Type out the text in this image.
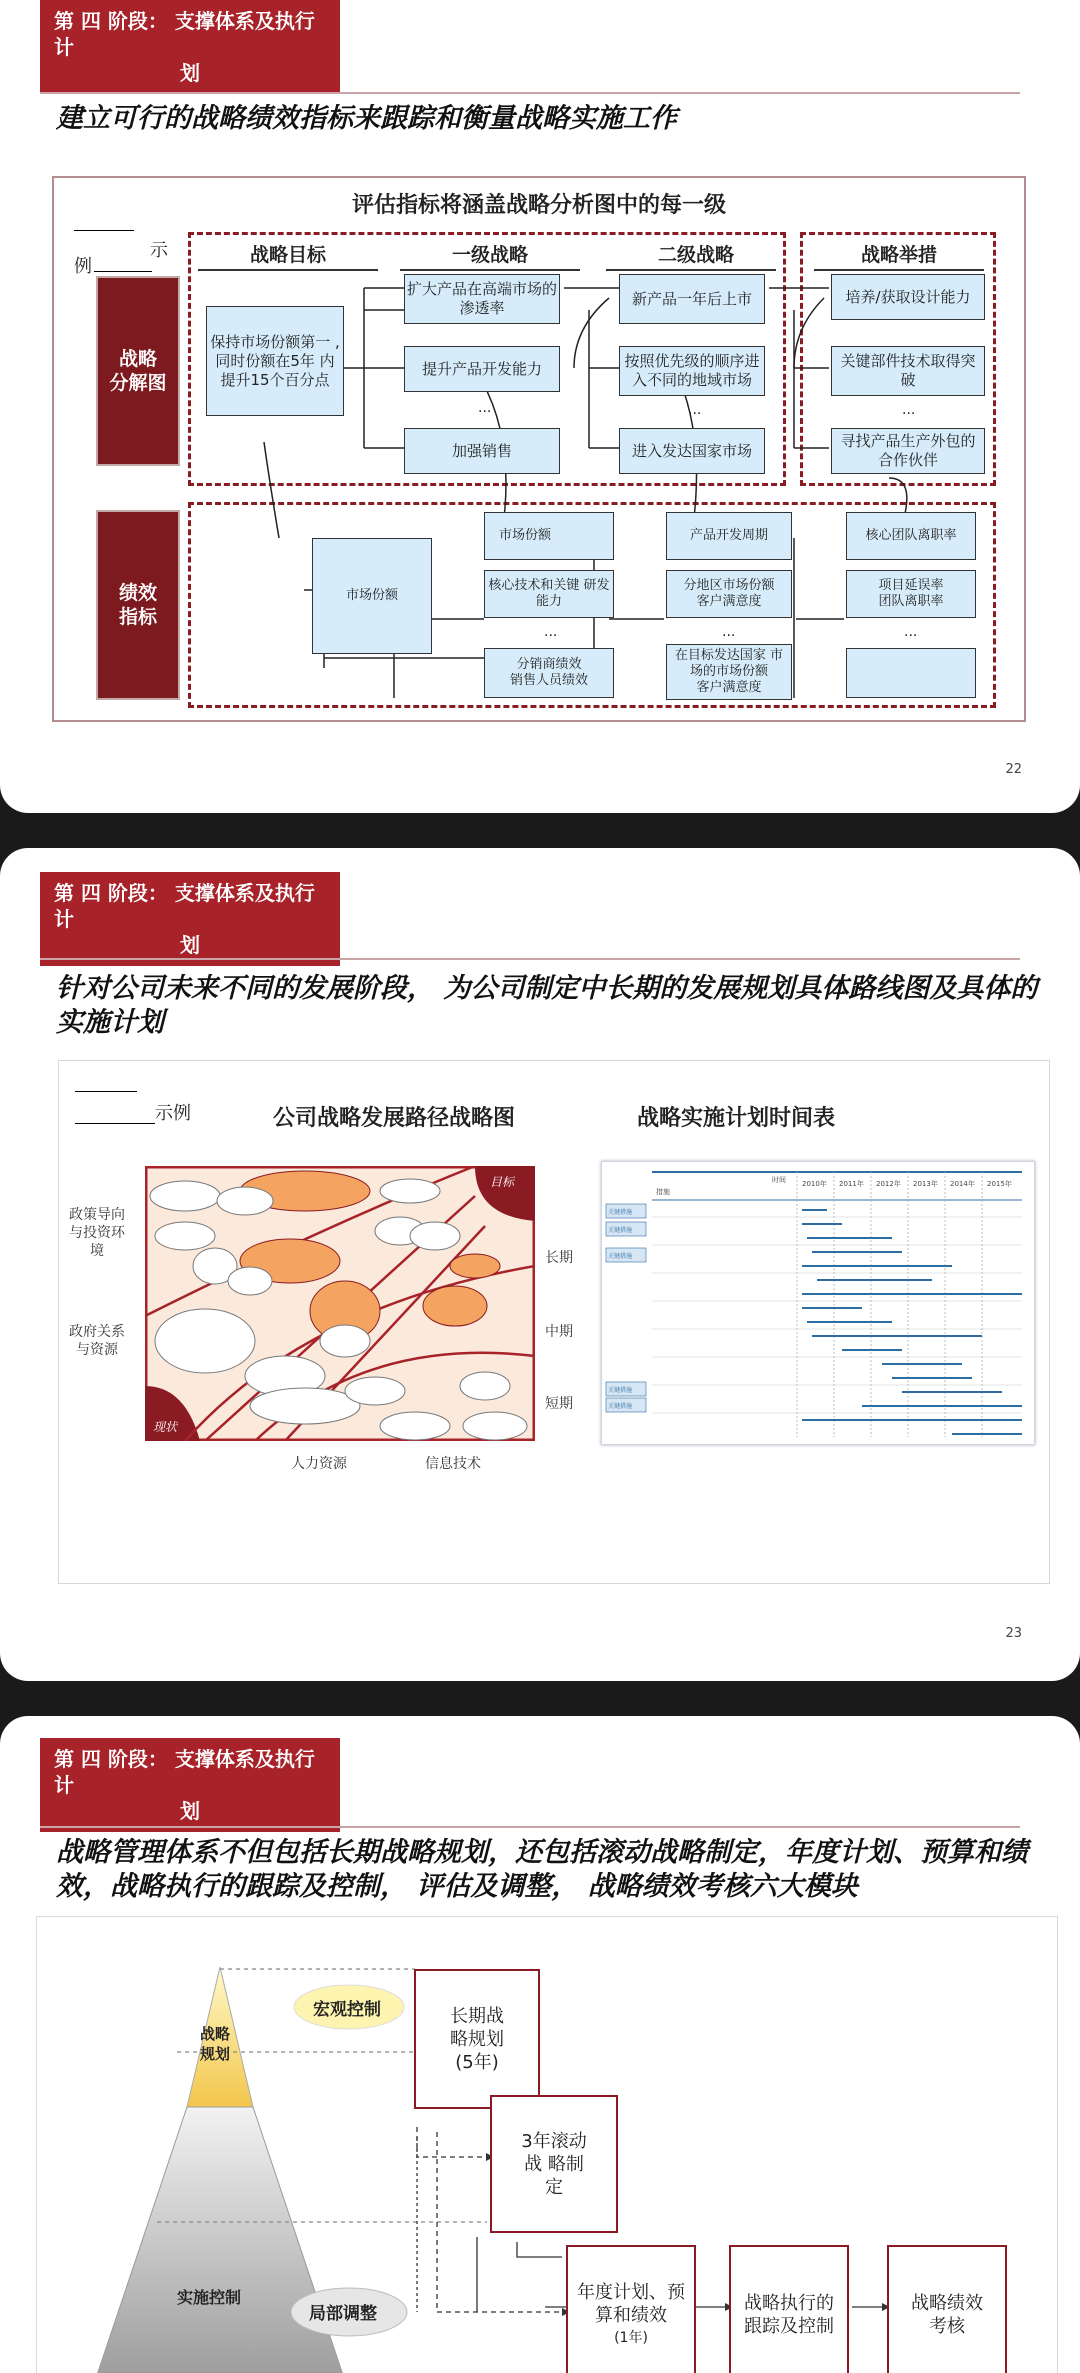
第 四 阶段： 支撑体系及执行计
划
建立可行的战略绩效指标来跟踪和衡量战略实施工作
评估指标将涵盖战略分析图中的每一级
示
例
战略
分解图
绩效
指标
战略目标	一级战略	二级战略	战略举措
保持市场份额第一 ,同时份额在5年 内提升15个百分点
扩大产品在高端市场的渗透率
提升产品开发能力
...
加强销售
新产品一年后上市
按照优先级的顺序进入不同的地域市场
...
进入发达国家市场
培养/获取设计能力
关键部件技术取得突破
...
寻找产品生产外包的合作伙伴
市场份额
市场份额
核心技术和关键 研发能力
...
分销商绩效
销售人员绩效
产品开发周期
分地区市场份额
客户满意度
...
在目标发达国家 市场的市场份额
客户满意度
核心团队离职率
项目延误率
团队离职率
...
22
第 四 阶段： 支撑体系及执行计
划
针对公司未来不同的发展阶段， 为公司制定中长期的发展规划具体路线图及具体的实施计划
示例	公司战略发展路径战略图	战略实施计划时间表
政策导向与投资环境
政府关系与资源
长期
中期
短期
人力资源	信息技术
目标
现状
时间
措施
2010年 2011年 2012年 2013年 2014年 2015年
关键措施
关键措施
关键措施
关键措施
关键措施
23
第 四 阶段： 支撑体系及执行计
划
战略管理体系不但包括长期战略规划，还包括滚动战略制定，年度计划、预算和绩效，战略执行的跟踪及控制， 评估及调整， 战略绩效考核六大模块
战略规划
实施控制
宏观控制
局部调整
长期战
略规划
(5年)
3年滚动
战 略制
定
年度计划、预
算和绩效
(1年)
战略执行的
跟踪及控制
战略绩效
考核
